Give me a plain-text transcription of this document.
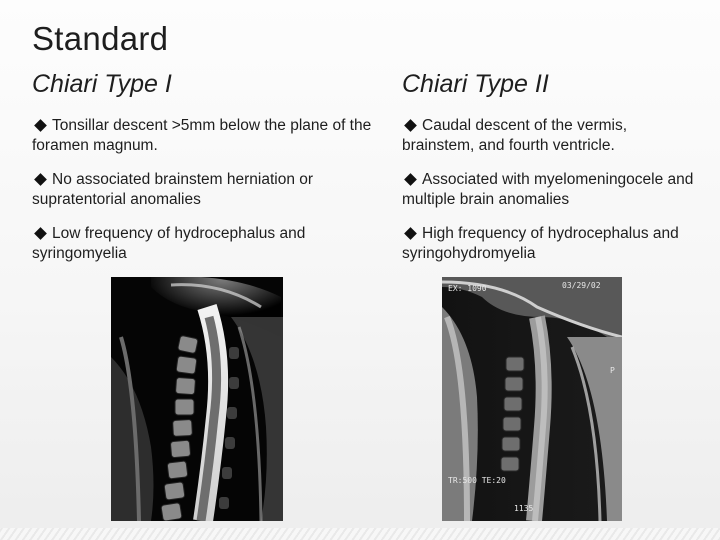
Standard
Chiari Type I	Chiari Type II
Tonsillar descent >5mm below the plane of the foramen magnum.
No associated brainstem herniation or supratentorial anomalies
Low frequency of hydrocephalus and syringomyelia
Caudal descent of the vermis, brainstem, and fourth ventricle.
Associated with myelomeningocele and multiple brain anomalies
High frequency of hydrocephalus and syringohydromyelia
EX: 1090	03/29/02
P
TR:500 TE:20
1135
